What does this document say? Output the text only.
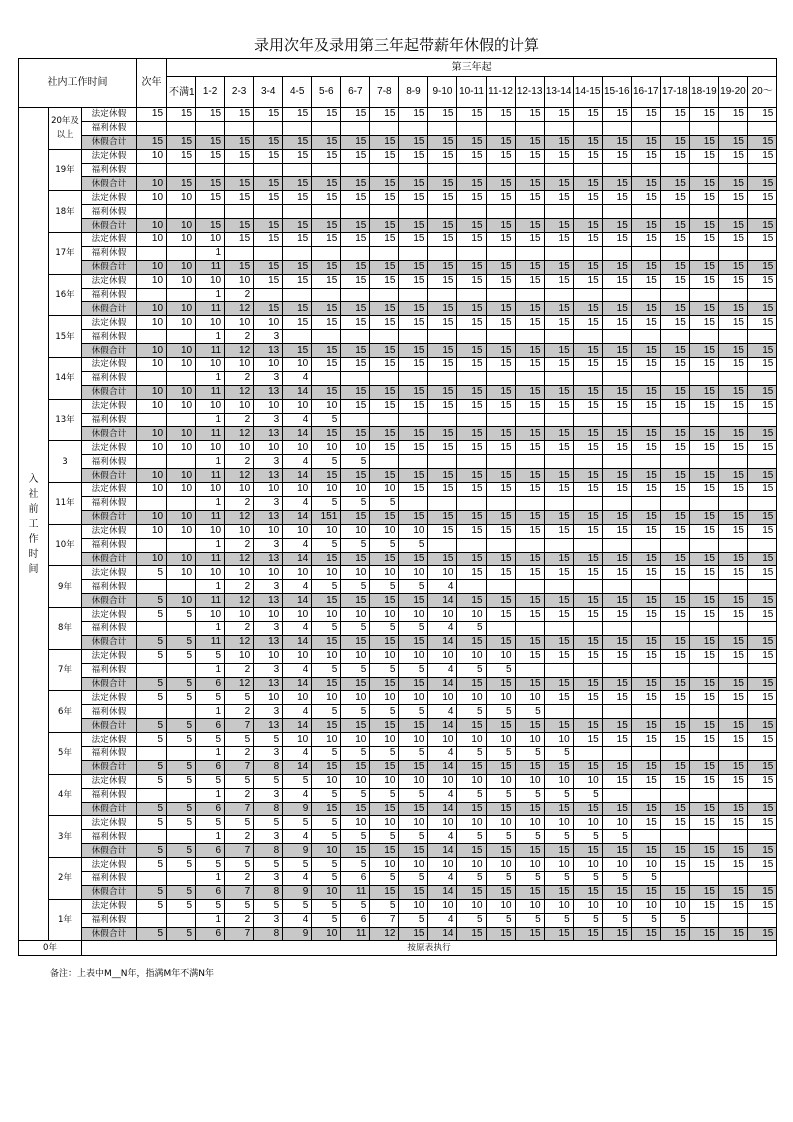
录用次年及录用第三年起带薪年休假的计算
社内工作时间			次年	第三年起																				
				不满1	1-2	2-3	3-4	4-5	5-6	6-7	7-8	8-9	9-10	10-11	11-12	12-13	13-14	14-15	15-16	16-17	17-18	18-19	19-20	20～
入社前工作时间	20年及以上	法定休假	15	15	15	15	15	15	15	15	15	15	15	15	15	15	15	15	15	15	15	15	15	15
		福利休假																						
		休假合计	15	15	15	15	15	15	15	15	15	15	15	15	15	15	15	15	15	15	15	15	15	15
	19年	法定休假	10	15	15	15	15	15	15	15	15	15	15	15	15	15	15	15	15	15	15	15	15	15
		福利休假																						
		休假合计	10	15	15	15	15	15	15	15	15	15	15	15	15	15	15	15	15	15	15	15	15	15
	18年	法定休假	10	10	15	15	15	15	15	15	15	15	15	15	15	15	15	15	15	15	15	15	15	15
		福利休假																						
		休假合计	10	10	15	15	15	15	15	15	15	15	15	15	15	15	15	15	15	15	15	15	15	15
	17年	法定休假	10	10	10	15	15	15	15	15	15	15	15	15	15	15	15	15	15	15	15	15	15	15
		福利休假			1																			
		休假合计	10	10	11	15	15	15	15	15	15	15	15	15	15	15	15	15	15	15	15	15	15	15
	16年	法定休假	10	10	10	10	15	15	15	15	15	15	15	15	15	15	15	15	15	15	15	15	15	15
		福利休假			1	2																		
		休假合计	10	10	11	12	15	15	15	15	15	15	15	15	15	15	15	15	15	15	15	15	15	15
	15年	法定休假	10	10	10	10	10	15	15	15	15	15	15	15	15	15	15	15	15	15	15	15	15	15
		福利休假			1	2	3																	
		休假合计	10	10	11	12	13	15	15	15	15	15	15	15	15	15	15	15	15	15	15	15	15	15
	14年	法定休假	10	10	10	10	10	10	15	15	15	15	15	15	15	15	15	15	15	15	15	15	15	15
		福利休假			1	2	3	4																
		休假合计	10	10	11	12	13	14	15	15	15	15	15	15	15	15	15	15	15	15	15	15	15	15
	13年	法定休假	10	10	10	10	10	10	10	15	15	15	15	15	15	15	15	15	15	15	15	15	15	15
		福利休假			1	2	3	4	5															
		休假合计	10	10	11	12	13	14	15	15	15	15	15	15	15	15	15	15	15	15	15	15	15	15
	3	法定休假	10	10	10	10	10	10	10	10	15	15	15	15	15	15	15	15	15	15	15	15	15	15
		福利休假			1	2	3	4	5	5														
		休假合计	10	10	11	12	13	14	15	15	15	15	15	15	15	15	15	15	15	15	15	15	15	15
	11年	法定休假	10	10	10	10	10	10	10	10	10	15	15	15	15	15	15	15	15	15	15	15	15	15
		福利休假			1	2	3	4	5	5	5													
		休假合计	10	10	11	12	13	14	151	15	15	15	15	15	15	15	15	15	15	15	15	15	15	15
	10年	法定休假	10	10	10	10	10	10	10	10	10	10	15	15	15	15	15	15	15	15	15	15	15	15
		福利休假			1	2	3	4	5	5	5	5												
		休假合计	10	10	11	12	13	14	15	15	15	15	15	15	15	15	15	15	15	15	15	15	15	15
	9年	法定休假	5	10	10	10	10	10	10	10	10	10	10	15	15	15	15	15	15	15	15	15	15	15
		福利休假			1	2	3	4	5	5	5	5	4											
		休假合计	5	10	11	12	13	14	15	15	15	15	14	15	15	15	15	15	15	15	15	15	15	15
	8年	法定休假	5	5	10	10	10	10	10	10	10	10	10	10	15	15	15	15	15	15	15	15	15	15
		福利休假			1	2	3	4	5	5	5	5	4	5										
		休假合计	5	5	11	12	13	14	15	15	15	15	14	15	15	15	15	15	15	15	15	15	15	15
	7年	法定休假	5	5	5	10	10	10	10	10	10	10	10	10	10	15	15	15	15	15	15	15	15	15
		福利休假			1	2	3	4	5	5	5	5	4	5	5									
		休假合计	5	5	6	12	13	14	15	15	15	15	14	15	15	15	15	15	15	15	15	15	15	15
	6年	法定休假	5	5	5	5	10	10	10	10	10	10	10	10	10	10	15	15	15	15	15	15	15	15
		福利休假			1	2	3	4	5	5	5	5	4	5	5	5								
		休假合计	5	5	6	7	13	14	15	15	15	15	14	15	15	15	15	15	15	15	15	15	15	15
	5年	法定休假	5	5	5	5	5	10	10	10	10	10	10	10	10	10	10	15	15	15	15	15	15	15
		福利休假			1	2	3	4	5	5	5	5	4	5	5	5	5							
		休假合计	5	5	6	7	8	14	15	15	15	15	14	15	15	15	15	15	15	15	15	15	15	15
	4年	法定休假	5	5	5	5	5	5	10	10	10	10	10	10	10	10	10	10	15	15	15	15	15	15
		福利休假			1	2	3	4	5	5	5	5	4	5	5	5	5	5						
		休假合计	5	5	6	7	8	9	15	15	15	15	14	15	15	15	15	15	15	15	15	15	15	15
	3年	法定休假	5	5	5	5	5	5	5	10	10	10	10	10	10	10	10	10	10	15	15	15	15	15
		福利休假			1	2	3	4	5	5	5	5	4	5	5	5	5	5	5					
		休假合计	5	5	6	7	8	9	10	15	15	15	14	15	15	15	15	15	15	15	15	15	15	15
	2年	法定休假	5	5	5	5	5	5	5	5	10	10	10	10	10	10	10	10	10	10	15	15	15	15
		福利休假			1	2	3	4	5	6	5	5	4	5	5	5	5	5	5	5				
		休假合计	5	5	6	7	8	9	10	11	15	15	14	15	15	15	15	15	15	15	15	15	15	15
	1年	法定休假	5	5	5	5	5	5	5	5	5	10	10	10	10	10	10	10	10	10	10	15	15	15
		福利休假			1	2	3	4	5	6	7	5	4	5	5	5	5	5	5	5	5			
		休假合计	5	5	6	7	8	9	10	11	12	15	14	15	15	15	15	15	15	15	15	15	15	15
0年		按原表执行																						
备注：上表中M__N年，指满M年不满N年
